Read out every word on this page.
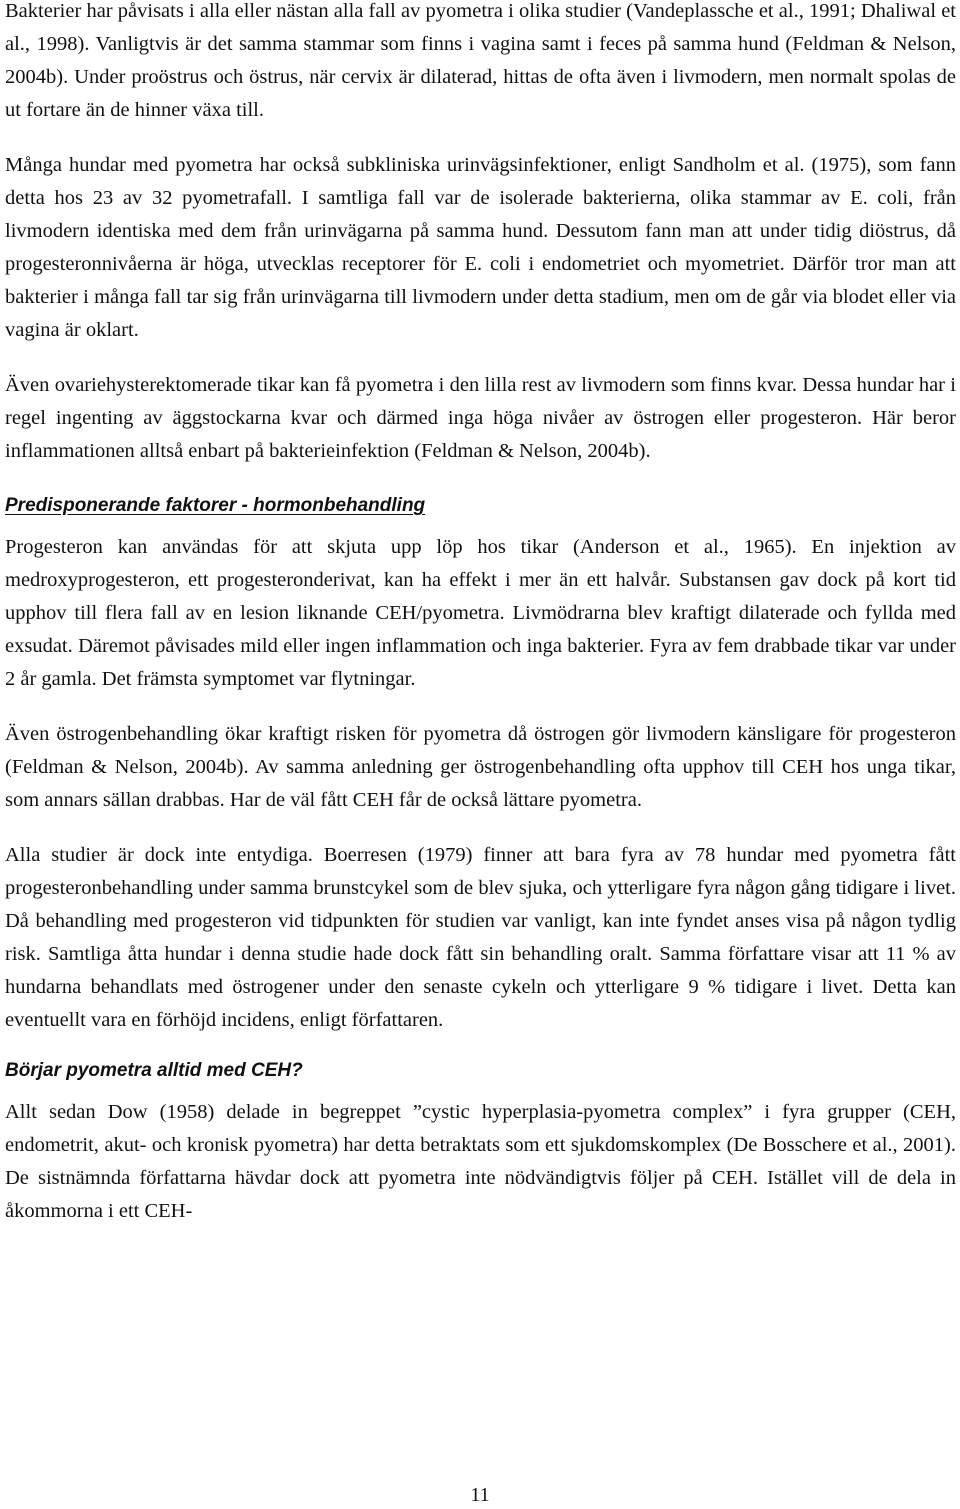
Bakterier har påvisats i alla eller nästan alla fall av pyometra i olika studier (Vandeplassche et al., 1991; Dhaliwal et al., 1998). Vanligtvis är det samma stammar som finns i vagina samt i feces på samma hund (Feldman & Nelson, 2004b). Under proöstrus och östrus, när cervix är dilaterad, hittas de ofta även i livmodern, men normalt spolas de ut fortare än de hinner växa till.

Många hundar med pyometra har också subkliniska urinvägsinfektioner, enligt Sandholm et al. (1975), som fann detta hos 23 av 32 pyometrafall. I samtliga fall var de isolerade bakterierna, olika stammar av E. coli, från livmodern identiska med dem från urinvägarna på samma hund. Dessutom fann man att under tidig diöstrus, då progesteronnivåerna är höga, utvecklas receptorer för E. coli i endometriet och myometriet. Därför tror man att bakterier i många fall tar sig från urinvägarna till livmodern under detta stadium, men om de går via blodet eller via vagina är oklart.

Även ovariehysterektomerade tikar kan få pyometra i den lilla rest av livmodern som finns kvar. Dessa hundar har i regel ingenting av äggstockarna kvar och därmed inga höga nivåer av östrogen eller progesteron. Här beror inflammationen alltså enbart på bakterieinfektion (Feldman & Nelson, 2004b).

Predisponerande faktorer - hormonbehandling

Progesteron kan användas för att skjuta upp löp hos tikar (Anderson et al., 1965). En injektion av medroxyprogesteron, ett progesteronderivat, kan ha effekt i mer än ett halvår. Substansen gav dock på kort tid upphov till flera fall av en lesion liknande CEH/pyometra. Livmödrarna blev kraftigt dilaterade och fyllda med exsudat. Däremot påvisades mild eller ingen inflammation och inga bakterier. Fyra av fem drabbade tikar var under 2 år gamla. Det främsta symptomet var flytningar.

Även östrogenbehandling ökar kraftigt risken för pyometra då östrogen gör livmodern känsligare för progesteron (Feldman & Nelson, 2004b). Av samma anledning ger östrogenbehandling ofta upphov till CEH hos unga tikar, som annars sällan drabbas. Har de väl fått CEH får de också lättare pyometra.

Alla studier är dock inte entydiga. Boerresen (1979) finner att bara fyra av 78 hundar med pyometra fått progesteronbehandling under samma brunstcykel som de blev sjuka, och ytterligare fyra någon gång tidigare i livet. Då behandling med progesteron vid tidpunkten för studien var vanligt, kan inte fyndet anses visa på någon tydlig risk. Samtliga åtta hundar i denna studie hade dock fått sin behandling oralt. Samma författare visar att 11 % av hundarna behandlats med östrogener under den senaste cykeln och ytterligare 9 % tidigare i livet. Detta kan eventuellt vara en förhöjd incidens, enligt författaren.

Börjar pyometra alltid med CEH?

Allt sedan Dow (1958) delade in begreppet ”cystic hyperplasia-pyometra complex” i fyra grupper (CEH, endometrit, akut- och kronisk pyometra) har detta betraktats som ett sjukdomskomplex (De Bosschere et al., 2001). De sistnämnda författarna hävdar dock att pyometra inte nödvändigtvis följer på CEH. Istället vill de dela in åkommorna i ett CEH-

11
